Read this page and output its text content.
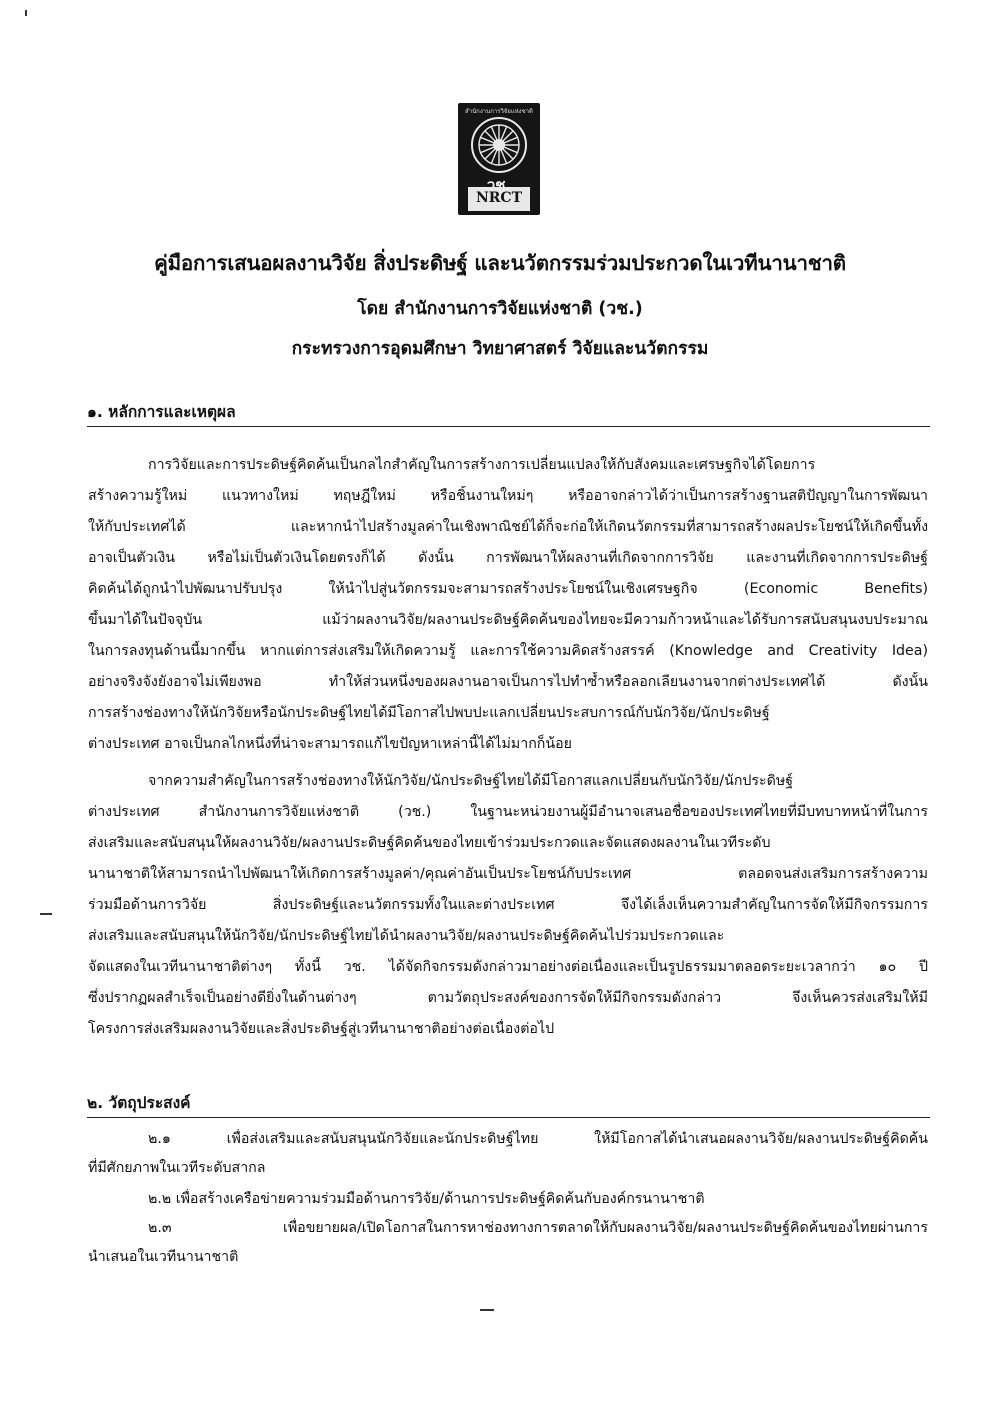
สำนักงานการวิจัยแห่งชาติ
วช.
NRCT
คู่มือการเสนอผลงานวิจัย สิ่งประดิษฐ์ และนวัตกรรมร่วมประกวดในเวทีนานาชาติ
โดย สำนักงานการวิจัยแห่งชาติ (วช.)
กระทรวงการอุดมศึกษา วิทยาศาสตร์ วิจัยและนวัตกรรม
๑. หลักการและเหตุผล
การวิจัยและการประดิษฐ์คิดค้นเป็นกลไกสำคัญในการสร้างการเปลี่ยนแปลงให้กับสังคมและเศรษฐกิจได้โดยการ
สร้างความรู้ใหม่ แนวทางใหม่ ทฤษฎีใหม่ หรือชิ้นงานใหม่ๆ หรืออาจกล่าวได้ว่าเป็นการสร้างฐานสติปัญญาในการพัฒนา
ให้กับประเทศได้ และหากนำไปสร้างมูลค่าในเชิงพาณิชย์ได้ก็จะก่อให้เกิดนวัตกรรมที่สามารถสร้างผลประโยชน์ให้เกิดขึ้นทั้ง
อาจเป็นตัวเงิน หรือไม่เป็นตัวเงินโดยตรงก็ได้ ดังนั้น การพัฒนาให้ผลงานที่เกิดจากการวิจัย และงานที่เกิดจากการประดิษฐ์
คิดค้นได้ถูกนำไปพัฒนาปรับปรุง ให้นำไปสู่นวัตกรรมจะสามารถสร้างประโยชน์ในเชิงเศรษฐกิจ (Economic Benefits)
ขึ้นมาได้ในปัจจุบัน แม้ว่าผลงานวิจัย/ผลงานประดิษฐ์คิดค้นของไทยจะมีความก้าวหน้าและได้รับการสนับสนุนงบประมาณ
ในการลงทุนด้านนี้มากขึ้น หากแต่การส่งเสริมให้เกิดความรู้ และการใช้ความคิดสร้างสรรค์ (Knowledge and Creativity Idea)
อย่างจริงจังยังอาจไม่เพียงพอ ทำให้ส่วนหนึ่งของผลงานอาจเป็นการไปทำซ้ำหรือลอกเลียนงานจากต่างประเทศได้ ดังนั้น
การสร้างช่องทางให้นักวิจัยหรือนักประดิษฐ์ไทยได้มีโอกาสไปพบปะแลกเปลี่ยนประสบการณ์กับนักวิจัย/นักประดิษฐ์
ต่างประเทศ อาจเป็นกลไกหนึ่งที่น่าจะสามารถแก้ไขปัญหาเหล่านี้ได้ไม่มากก็น้อย
จากความสำคัญในการสร้างช่องทางให้นักวิจัย/นักประดิษฐ์ไทยได้มีโอกาสแลกเปลี่ยนกับนักวิจัย/นักประดิษฐ์
ต่างประเทศ สำนักงานการวิจัยแห่งชาติ (วช.) ในฐานะหน่วยงานผู้มีอำนาจเสนอชื่อของประเทศไทยที่มีบทบาทหน้าที่ในการ
ส่งเสริมและสนับสนุนให้ผลงานวิจัย/ผลงานประดิษฐ์คิดค้นของไทยเข้าร่วมประกวดและจัดแสดงผลงานในเวทีระดับ
นานาชาติให้สามารถนำไปพัฒนาให้เกิดการสร้างมูลค่า/คุณค่าอันเป็นประโยชน์กับประเทศ ตลอดจนส่งเสริมการสร้างความ
ร่วมมือด้านการวิจัย สิ่งประดิษฐ์และนวัตกรรมทั้งในและต่างประเทศ จึงได้เล็งเห็นความสำคัญในการจัดให้มีกิจกรรมการ
ส่งเสริมและสนับสนุนให้นักวิจัย/นักประดิษฐ์ไทยได้นำผลงานวิจัย/ผลงานประดิษฐ์คิดค้นไปร่วมประกวดและ
จัดแสดงในเวทีนานาชาติต่างๆ ทั้งนี้ วช. ได้จัดกิจกรรมดังกล่าวมาอย่างต่อเนื่องและเป็นรูปธรรมมาตลอดระยะเวลากว่า ๑๐ ปี
ซึ่งปรากฏผลสำเร็จเป็นอย่างดียิ่งในด้านต่างๆ ตามวัตถุประสงค์ของการจัดให้มีกิจกรรมดังกล่าว จึงเห็นควรส่งเสริมให้มี
โครงการส่งเสริมผลงานวิจัยและสิ่งประดิษฐ์สู่เวทีนานาชาติอย่างต่อเนื่องต่อไป
๒. วัตถุประสงค์
๒.๑ เพื่อส่งเสริมและสนับสนุนนักวิจัยและนักประดิษฐ์ไทย ให้มีโอกาสได้นำเสนอผลงานวิจัย/ผลงานประดิษฐ์คิดค้น
ที่มีศักยภาพในเวทีระดับสากล
๒.๒ เพื่อสร้างเครือข่ายความร่วมมือด้านการวิจัย/ด้านการประดิษฐ์คิดค้นกับองค์กรนานาชาติ
๒.๓ เพื่อขยายผล/เปิดโอกาสในการหาช่องทางการตลาดให้กับผลงานวิจัย/ผลงานประดิษฐ์คิดค้นของไทยผ่านการ
นำเสนอในเวทีนานาชาติ
